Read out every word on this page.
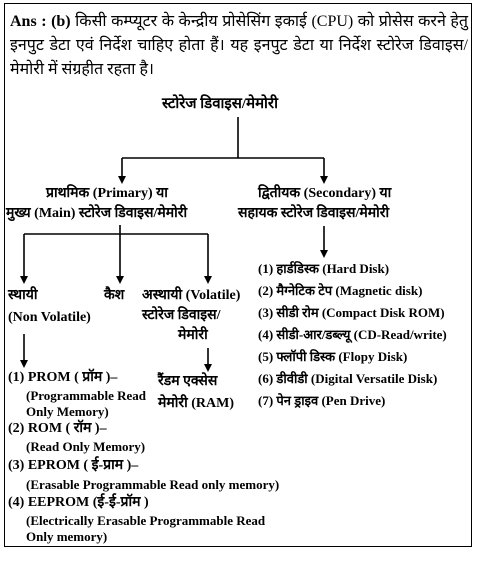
Ans : (b) किसी कम्प्यूटर के केन्द्रीय प्रोसेसिंग इकाई (CPU) को प्रोसेस करने हेतु इनपुट डेटा एवं निर्देश चाहिए होता हैं। यह इनपुट डेटा या निर्देश स्टोरेज डिवाइस/मेमोरी में संग्रहीत रहता है।
स्टोरेज डिवाइस/मेमोरी
प्राथमिक (Primary) या
मुख्य (Main) स्टोरेज डिवाइस/मेमोरी
द्वितीयक (Secondary) या
सहायक स्टोरेज डिवाइस/मेमोरी
(1) हार्डडिस्क (Hard Disk)
(2) मैग्नेटिक टेप (Magnetic disk)
(3) सीडी रोम (Compact Disk ROM)
(4) सीडी-आर/डब्ल्यू (CD-Read/write)
(5) फ्लॉपी डिस्क (Flopy Disk)
(6) डीवीडी (Digital Versatile Disk)
(7) पेन ड्राइव (Pen Drive)
स्थायी
(Non Volatile)
कैश अस्थायी (Volatile)
स्टोरेज डिवाइस/
मेमोरी
रैंडम एक्सेस
मेमोरी (RAM)
(1) PROM ( प्रॉम )–
(Programmable Read
Only Memory)
(2) ROM ( रॉम )–
(Read Only Memory)
(3) EPROM ( ई-प्राम )–
(Erasable Programmable Read only memory)
(4) EEPROM (ई-ई-प्रॉम )
(Electrically Erasable Programmable Read
Only memory)
